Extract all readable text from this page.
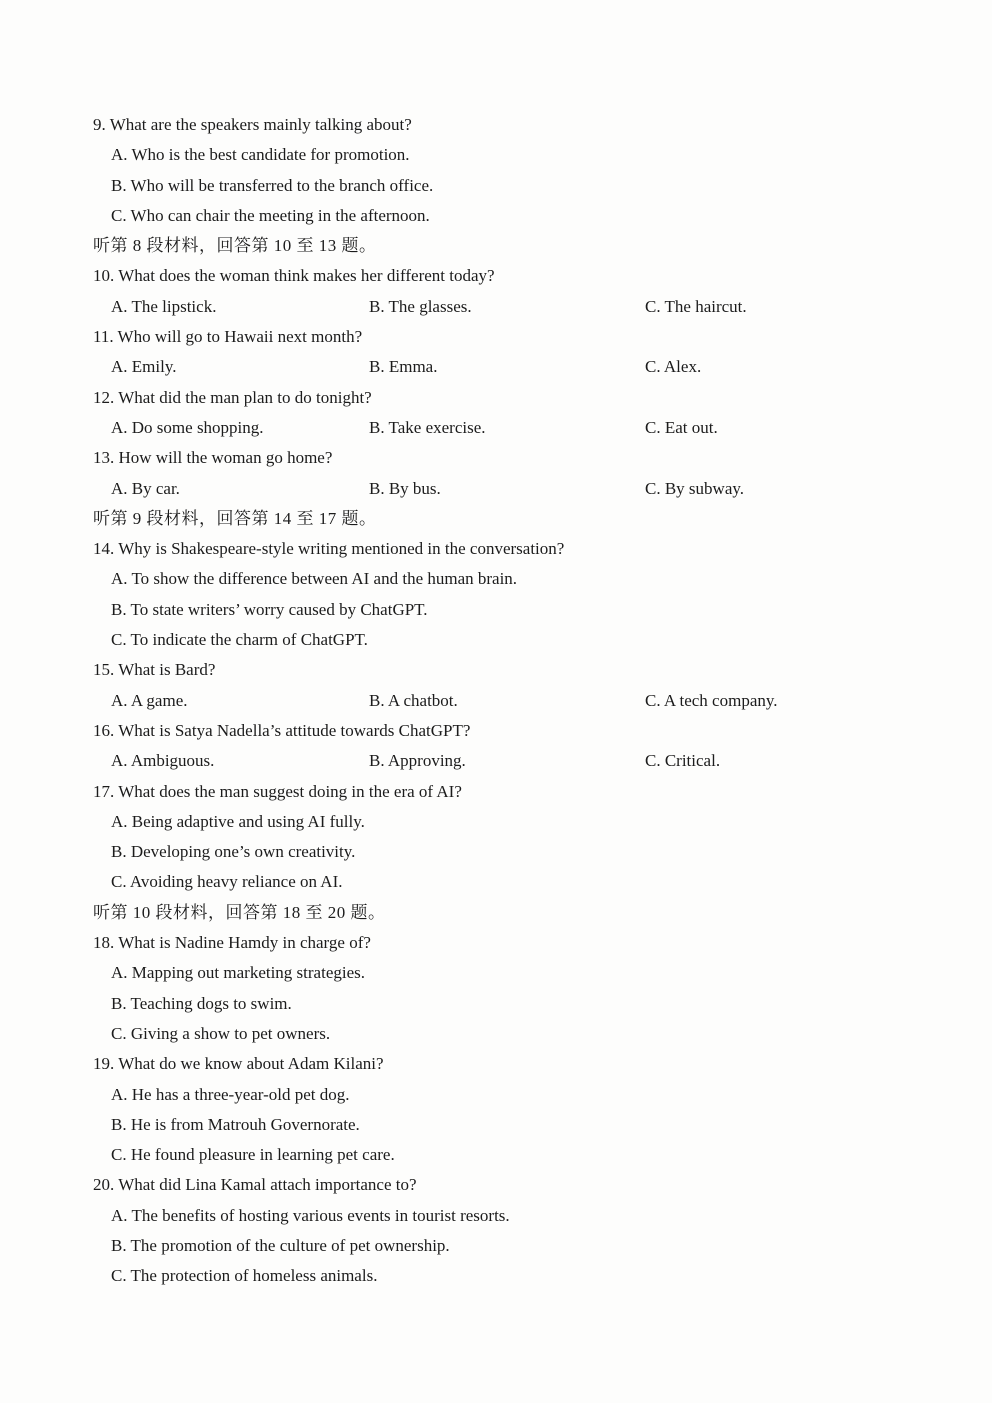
9. What are the speakers mainly talking about?
A. Who is the best candidate for promotion.
B. Who will be transferred to the branch office.
C. Who can chair the meeting in the afternoon.
听第 8 段材料，回答第 10 至 13 题。
10. What does the woman think makes her different today?
A. The lipstick.	B. The glasses.	C. The haircut.
11. Who will go to Hawaii next month?
A. Emily.	B. Emma.	C. Alex.
12. What did the man plan to do tonight?
A. Do some shopping.	B. Take exercise.	C. Eat out.
13. How will the woman go home?
A. By car.	B. By bus.	C. By subway.
听第 9 段材料，回答第 14 至 17 题。
14. Why is Shakespeare-style writing mentioned in the conversation?
A. To show the difference between AI and the human brain.
B. To state writers’ worry caused by ChatGPT.
C. To indicate the charm of ChatGPT.
15. What is Bard?
A. A game.	B. A chatbot.	C. A tech company.
16. What is Satya Nadella’s attitude towards ChatGPT?
A. Ambiguous.	B. Approving.	C. Critical.
17. What does the man suggest doing in the era of AI?
A. Being adaptive and using AI fully.
B. Developing one’s own creativity.
C. Avoiding heavy reliance on AI.
听第 10 段材料，回答第 18 至 20 题。
18. What is Nadine Hamdy in charge of?
A. Mapping out marketing strategies.
B. Teaching dogs to swim.
C. Giving a show to pet owners.
19. What do we know about Adam Kilani?
A. He has a three-year-old pet dog.
B. He is from Matrouh Governorate.
C. He found pleasure in learning pet care.
20. What did Lina Kamal attach importance to?
A. The benefits of hosting various events in tourist resorts.
B. The promotion of the culture of pet ownership.
C. The protection of homeless animals.
